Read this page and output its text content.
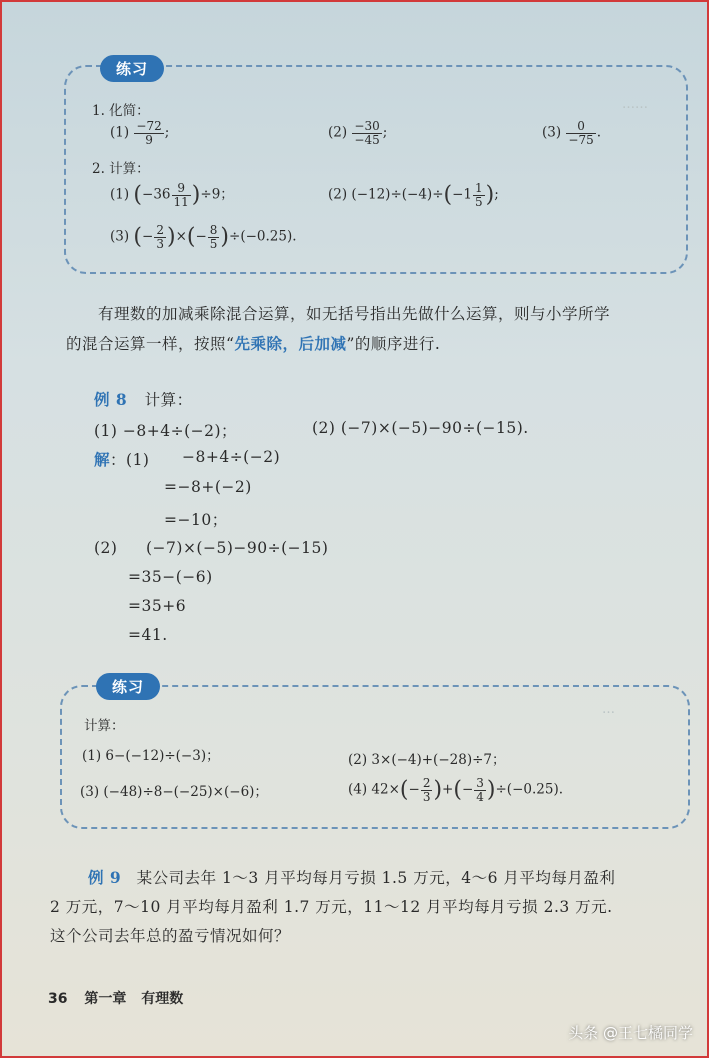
……
…
练习
1. 化简：
$(1) \frac{-72}{9}$ ;	$(2) \frac{-30}{-45}$ ;	$(3) \frac{0}{-75}$ .
2. 计算：
(1) $(-36 \frac{9}{11} )\div 9$；	(2) $(-12)\div(-4)\div(-1 \frac{1}{5}$ );
(3) (− $\frac{2}{3}$ )×(− $\frac{8}{5} )\div(-0.25)$.
有理数的加减乘除混合运算，如无括号指出先做什么运算，则与小学所学
的混合运算一样，按照“先乘除，后加减”的顺序进行.
例 8 计算：
(1) −8+4÷(−2)；	(2) (−7)×(−5)−90÷(−15).
解：(1) −8+4÷(−2)
=−8+(−2)
=−10；
(2) (−7)×(−5)−90÷(−15)
=35−(−6)
=35+6
=41.
练习
计算：
(1) 6−(−12)÷(−3)；	(2) 3×(−4)+(−28)÷7；
(3) (−48)÷8−(−25)×(−6)；	(4) $42\times(- \frac{2}{3}$ )+(− $\frac{3}{4} )\div(-0.25)$.
例 9 某公司去年 1～3 月平均每月亏损 1.5 万元，4～6 月平均每月盈利
2 万元，7～10 月平均每月盈利 1.7 万元，11～12 月平均每月亏损 2.3 万元.
这个公司去年总的盈亏情况如何？
36 第一章 有理数
头条 @王七橘同学
